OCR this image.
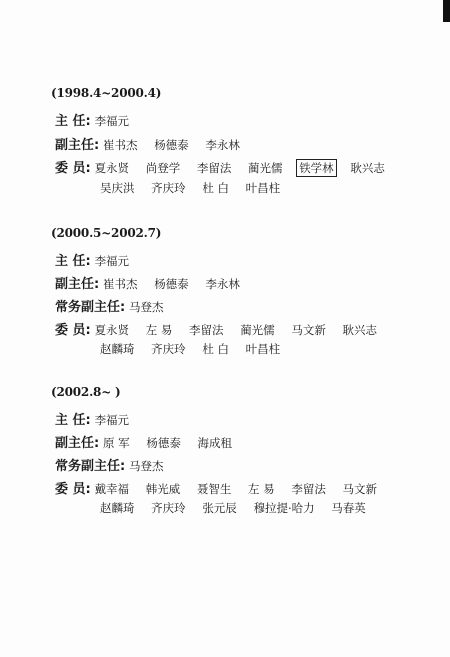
(1998.4~2000.4)
主 任: 李福元
副主任: 崔书杰 杨德泰 李永林
委 员: 夏永贤 尚登学 李留法 蔺光儒 铁学林 耿兴志
吴庆洪 齐庆玲 杜 白 叶昌柱
(2000.5~2002.7)
主 任: 李福元
副主任: 崔书杰 杨德泰 李永林
常务副主任: 马登杰
委 员: 夏永贤 左 易 李留法 蔺光儒 马文新 耿兴志
赵麟琦 齐庆玲 杜 白 叶昌柱
(2002.8~ )
主 任: 李福元
副主任: 原 军 杨德泰 海成租
常务副主任: 马登杰
委 员: 戴幸福 韩光威 聂智生 左 易 李留法 马文新
赵麟琦 齐庆玲 张元辰 穆拉提·哈力 马春英
